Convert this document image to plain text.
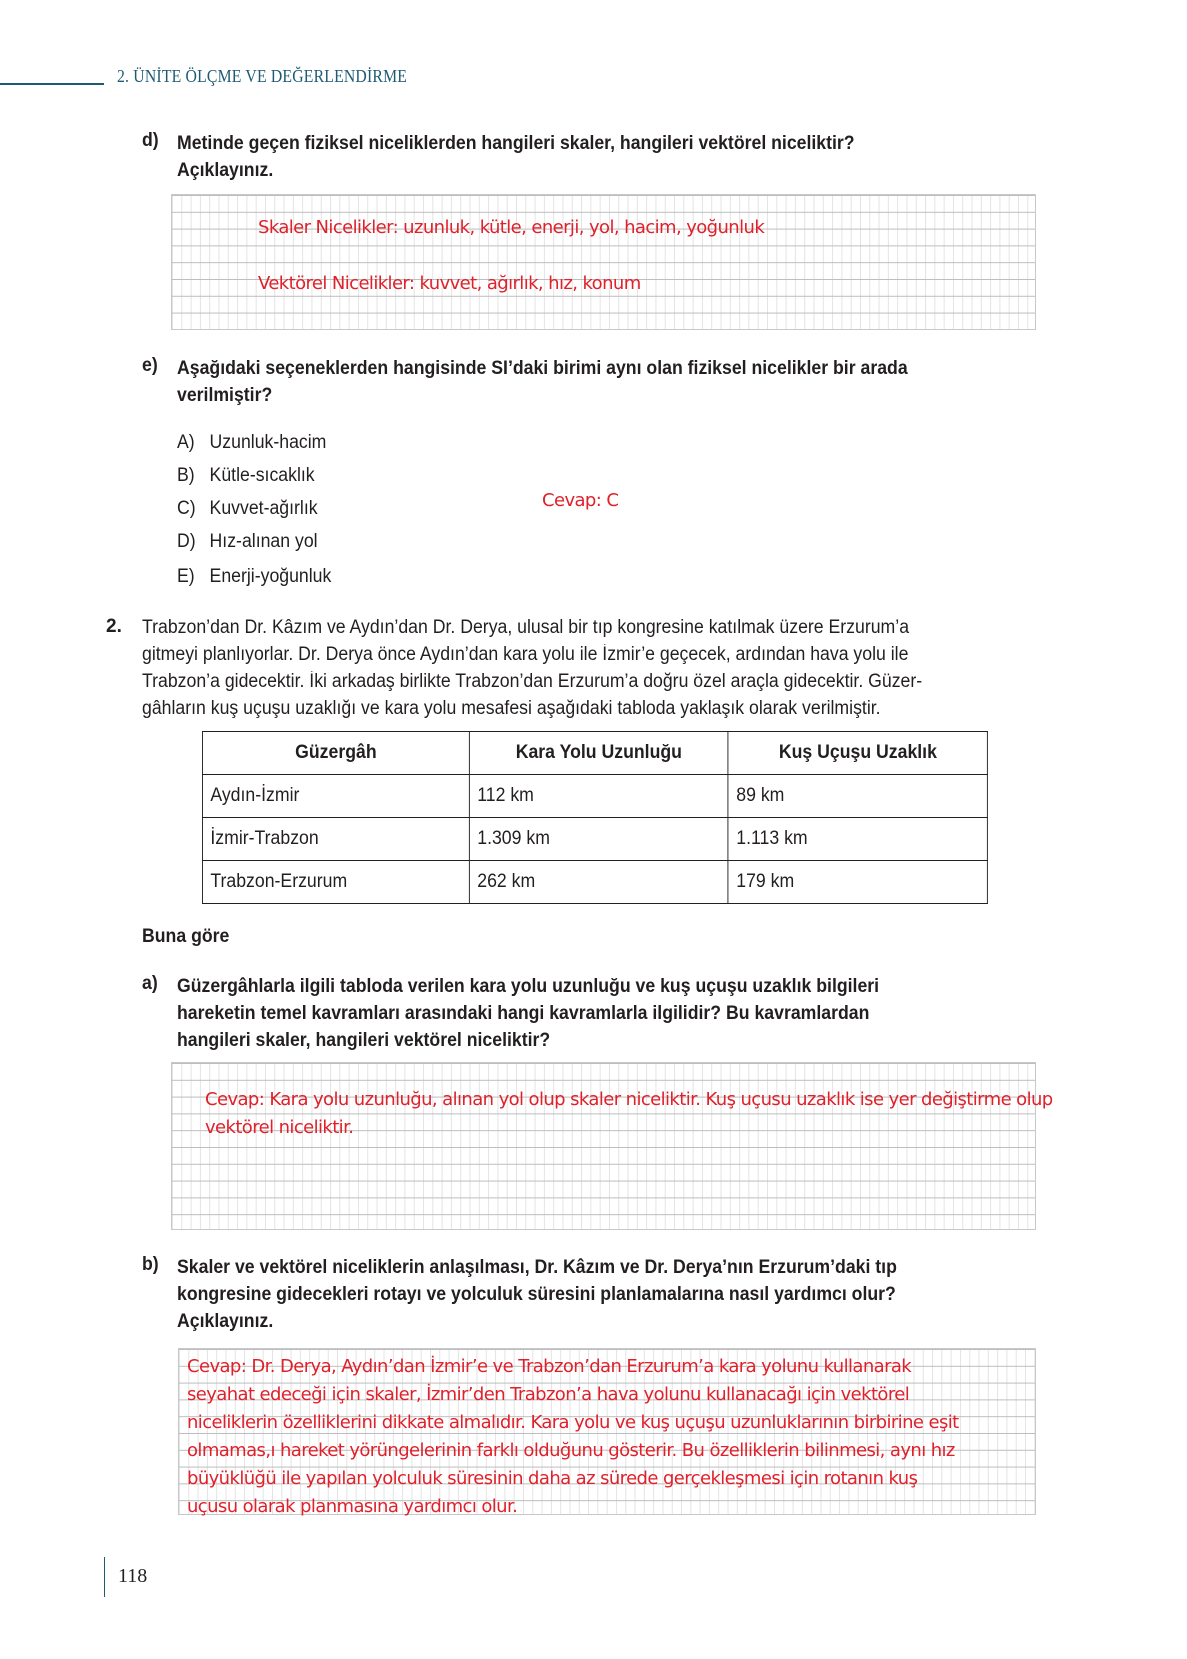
2. ÜNİTE ÖLÇME VE DEĞERLENDİRME
d) Metinde geçen fiziksel niceliklerden hangileri skaler, hangileri vektörel niceliktir?
Açıklayınız.
Skaler Nicelikler: uzunluk, kütle, enerji, yol, hacim, yoğunluk
Vektörel Nicelikler: kuvvet, ağırlık, hız, konum
e) Aşağıdaki seçeneklerden hangisinde SI’daki birimi aynı olan fiziksel nicelikler bir arada
verilmiştir?
A) Uzunluk-hacim
B) Kütle-sıcaklık
C) Kuvvet-ağırlık
D) Hız-alınan yol
E) Enerji-yoğunluk
Cevap: C
2. Trabzon’dan Dr. Kâzım ve Aydın’dan Dr. Derya, ulusal bir tıp kongresine katılmak üzere Erzurum’a
gitmeyi planlıyorlar. Dr. Derya önce Aydın’dan kara yolu ile İzmir’e geçecek, ardından hava yolu ile
Trabzon’a gidecektir. İki arkadaş birlikte Trabzon’dan Erzurum’a doğru özel araçla gidecektir. Güzer-
gâhların kuş uçuşu uzaklığı ve kara yolu mesafesi aşağıdaki tabloda yaklaşık olarak verilmiştir.
Güzergâh	Kara Yolu Uzunluğu	Kuş Uçuşu Uzaklık
Aydın-İzmir	112 km	89 km
İzmir-Trabzon	1.309 km	1.113 km
Trabzon-Erzurum	262 km	179 km
Buna göre
a) Güzergâhlarla ilgili tabloda verilen kara yolu uzunluğu ve kuş uçuşu uzaklık bilgileri
hareketin temel kavramları arasındaki hangi kavramlarla ilgilidir? Bu kavramlardan
hangileri skaler, hangileri vektörel niceliktir?
Cevap: Kara yolu uzunluğu, alınan yol olup skaler niceliktir. Kuş uçusu uzaklık ise yer değiştirme olup
vektörel niceliktir.
b) Skaler ve vektörel niceliklerin anlaşılması, Dr. Kâzım ve Dr. Derya’nın Erzurum’daki tıp
kongresine gidecekleri rotayı ve yolculuk süresini planlamalarına nasıl yardımcı olur?
Açıklayınız.
Cevap: Dr. Derya, Aydın’dan İzmir’e ve Trabzon’dan Erzurum’a kara yolunu kullanarak
seyahat edeceği için skaler, İzmir’den Trabzon’a hava yolunu kullanacağı için vektörel
niceliklerin özelliklerini dikkate almalıdır. Kara yolu ve kuş uçuşu uzunluklarının birbirine eşit
olmamas,ı hareket yörüngelerinin farklı olduğunu gösterir. Bu özelliklerin bilinmesi, aynı hız
büyüklüğü ile yapılan yolculuk süresinin daha az sürede gerçekleşmesi için rotanın kuş
uçusu olarak planmasına yardımcı olur.
118
